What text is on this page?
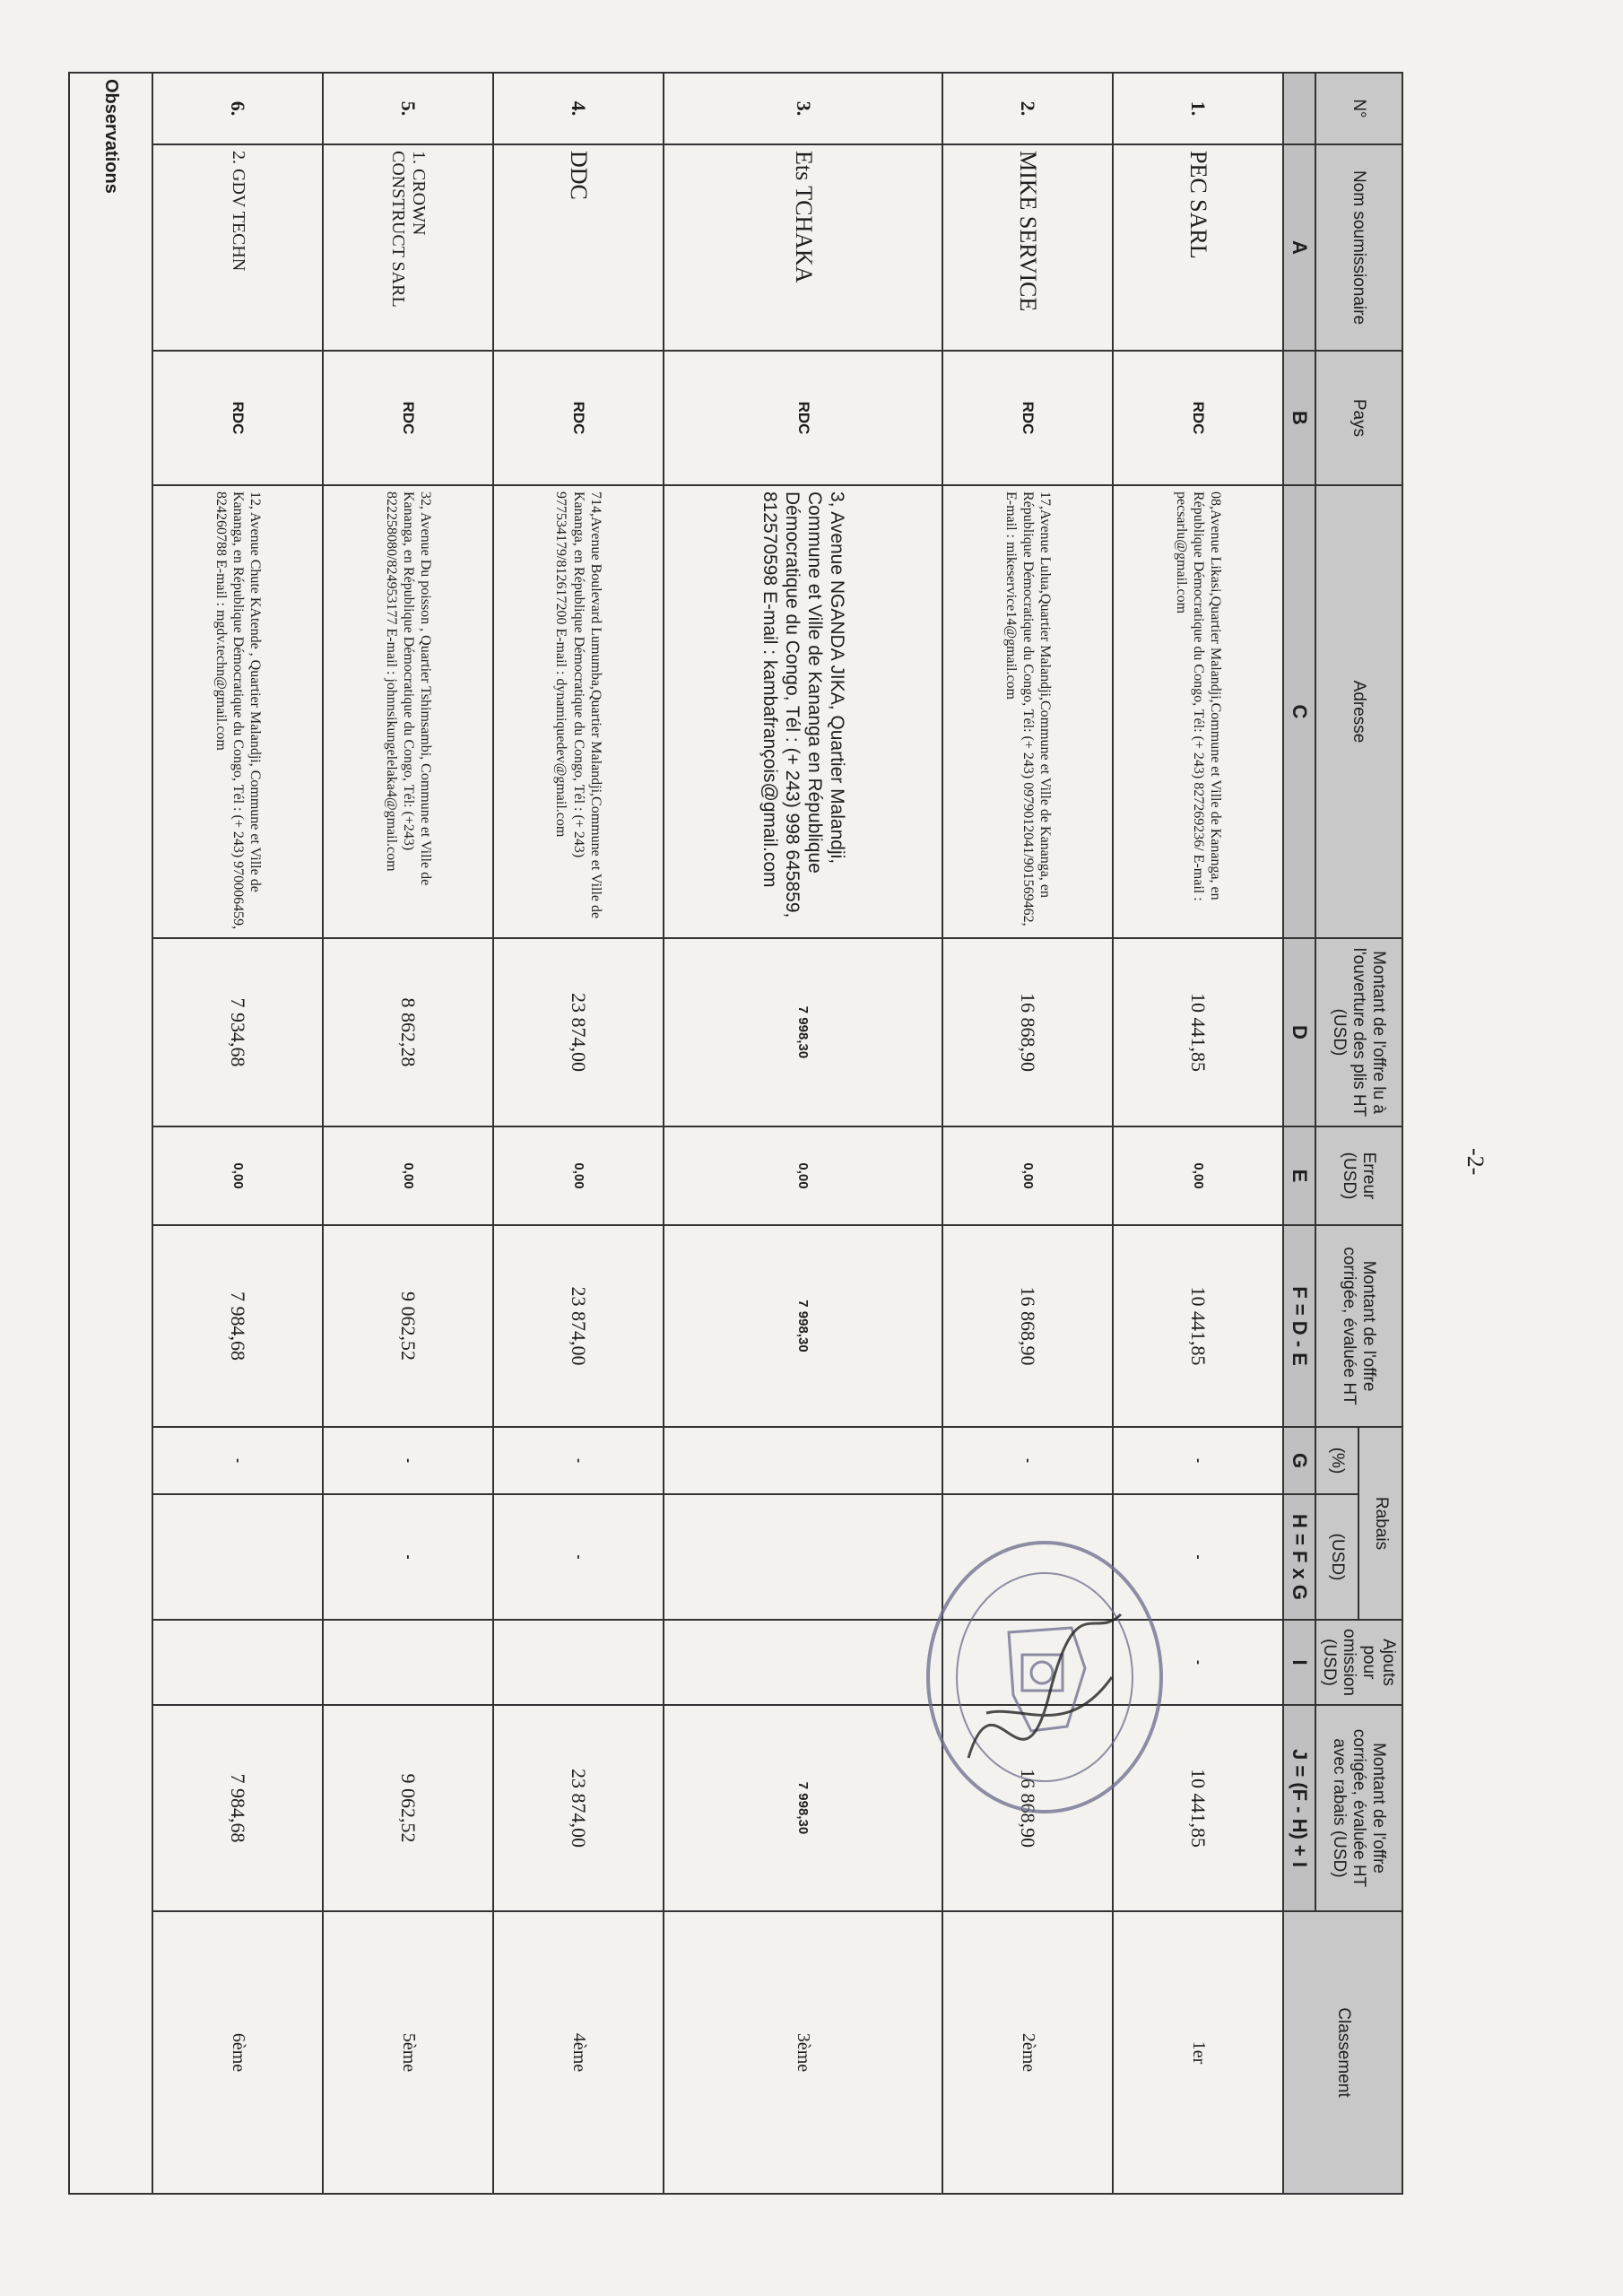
-2-
N°	Nom soumissionaire	Pays	Adresse	Montant de l'offre lu à l'ouverture des plis HT (USD)	Erreur (USD)	Montant de l'offre corrigée, évaluée HT	Rabais		Ajouts pour omission (USD)	Montant de l'offre corrigée, évaluée HT avec rabais (USD)	Classement
							(%)	(USD)			
	A	B	C	D	E	F = D - E	G	H = F x G	I	J = (F - H) + I	
1.	PEC SARL	RDC	08,Avenue Likasi,Quartier Malandji,Commune et Ville de Kananga, en République Démocratique du Congo, Tél: (+ 243) 827269236/ E-mail : pecsarlu@gmail.com	10 441,85	0,00	10 441,85	-	-	-	10 441,85	1er
2.	MIKE SERVICE	RDC	17,Avenue Luluа,Quartier Malandji,Commune et Ville de Kananga, en République Démocratique du Congo, Tél: (+ 243) 0979012041/901569462, E-mail : mikeservice14@gmail.com	16 868,90	0,00	16 868,90	-			16 868,90	2ème
3.	Ets TCHAKA	RDC	3, Avenue NGANDA JIKA, Quartier Malandji, Commune et Ville de Kananga en République Démocratique du Congo, Tél : (+ 243) 998 645859, 812570598 E-mail : kambafrançois@gmail.com	7 998,30	0,00	7 998,30				7 998,30	3ème
4.	DDC	RDC	714,Avenue Boulevard Lumumba,Quartier Malandji,Commune et Ville de Kananga, en République Démocratique du Congo, Tél : (+ 243) 977534179/812617200 E-mail : dynamiquedev@gmail.com	23 874,00	0,00	23 874,00	-	-		23 874,00	4ème
5.	1. CROWN CONSTRUCT SARL	RDC	32, Avenue Du poisson , Quartier Tshimsambi, Commune et Ville de Kananga, en République Démocratique du Congo, Tél: (+243) 822258080/824953177 E-mail : johnnsikungelelaka4@gmail.com	8 862,28	0,00	9 062,52	-	-		9 062,52	5ème
6.	2. GDV TECHN	RDC	12, Avenue Chute KAtende , Quartier Malandji, Commune et Ville de Kananga, en République Démocratique du Congo, Tél : (+ 243) 970006459, 824260788 E-mail : mgdv.techn@gmail.com	7 934,68	0,00	7 984,68	-			7 984,68	6ème
Observations											
